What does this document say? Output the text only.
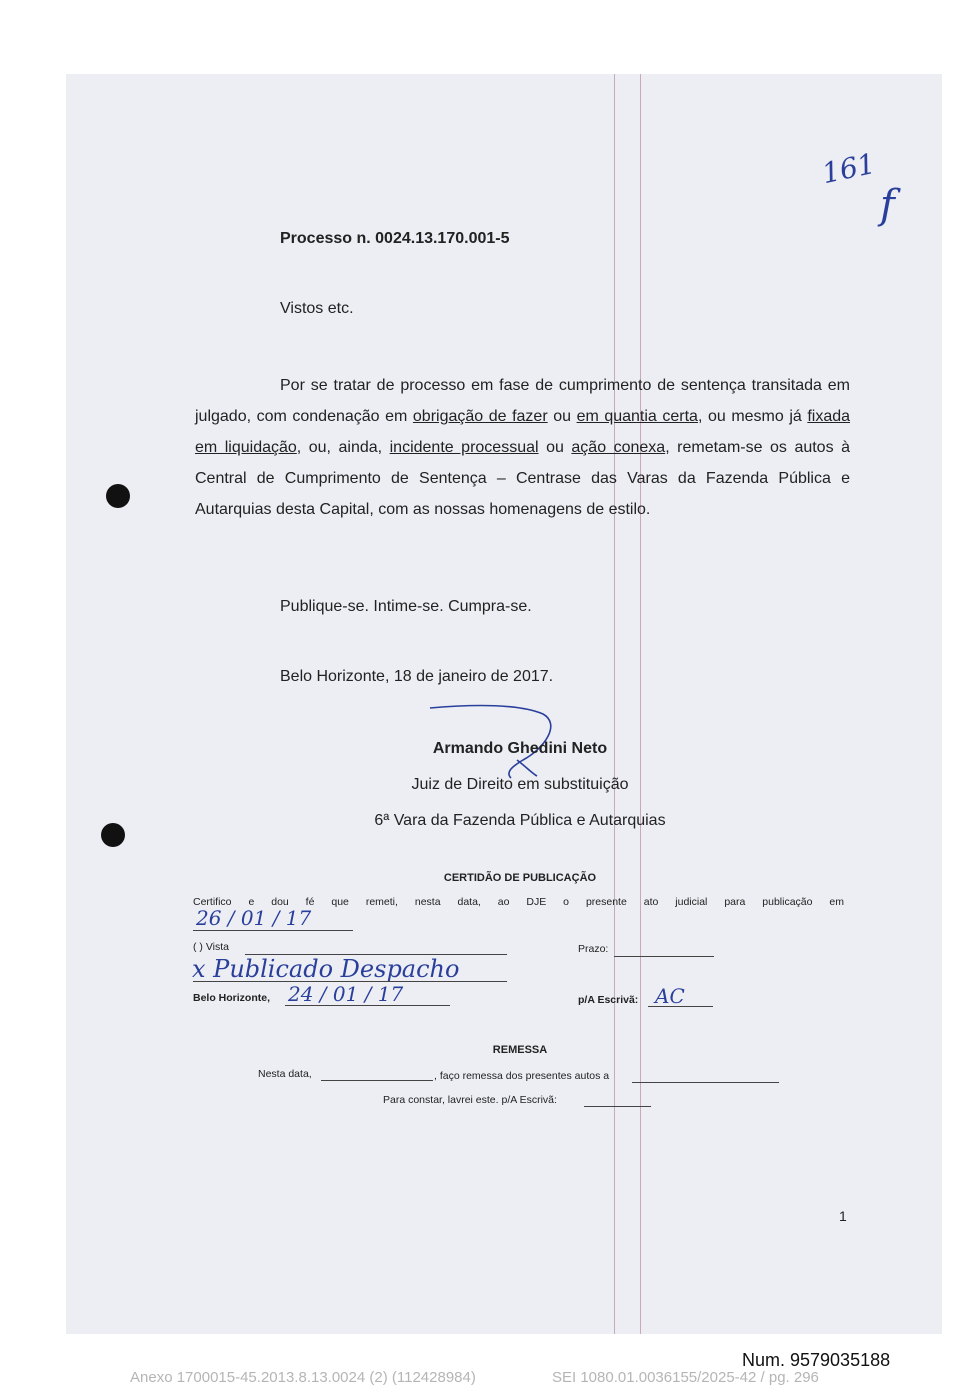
161
f
Processo n. 0024.13.170.001-5
Vistos etc.

Por se tratar de processo em fase de cumprimento de sentença transitada em julgado, com condenação em obrigação de fazer ou em quantia certa, ou mesmo já fixada em liquidação, ou, ainda, incidente processual ou ação conexa, remetam-se os autos à Central de Cumprimento de Sentença – Centrase das Varas da Fazenda Pública e Autarquias desta Capital, com as nossas homenagens de estilo.

Publique-se. Intime-se. Cumpra-se.
Belo Horizonte, 18 de janeiro de 2017.
Armando Ghedini Neto
Juiz de Direito em substituição
6ª Vara da Fazenda Pública e Autarquias
CERTIDÃO DE PUBLICAÇÃO

Certifico e dou fé que remeti, nesta data, ao DJE o presente ato judicial para publicação em

26 / 01 / 17
( ) Vista	Prazo:
x Publicado Despacho
Belo Horizonte, 24 / 01 / 17	p/A Escrivã: AC
REMESSA
Nesta data,	, faço remessa dos presentes autos a
Para constar, lavrei este. p/A Escrivã:
1
Num. 9579035188
Anexo 1700015-45.2013.8.13.0024 (2) (112428984)	SEI 1080.01.0036155/2025-42 / pg. 296
